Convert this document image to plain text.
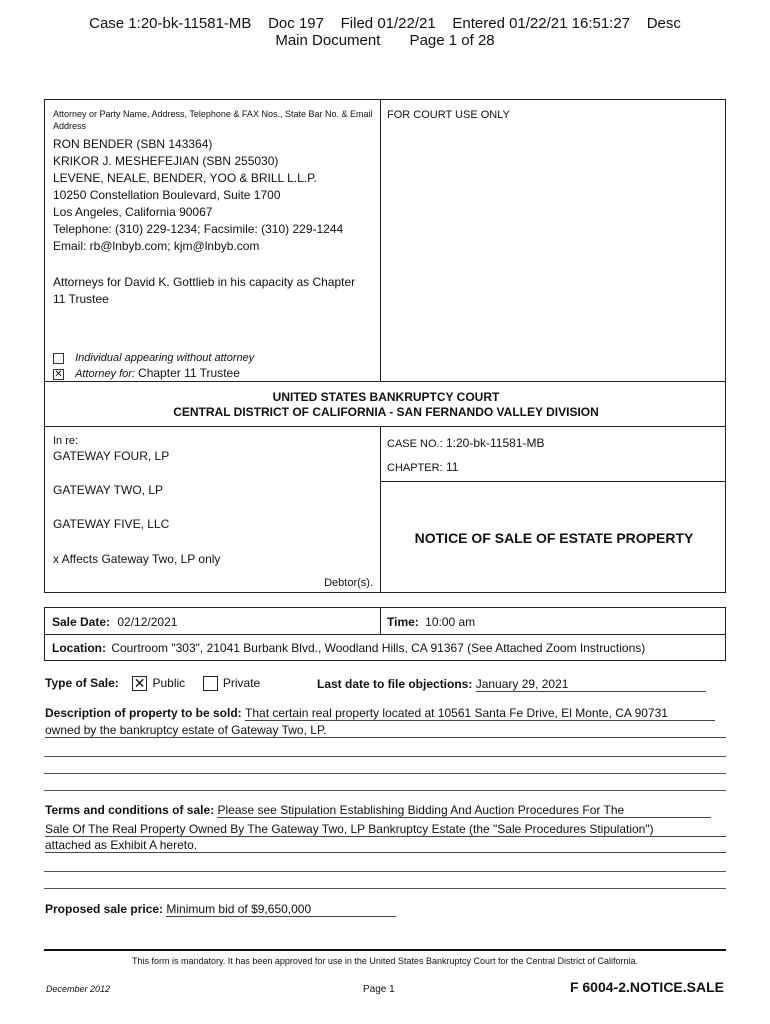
Case 1:20-bk-11581-MB    Doc 197    Filed 01/22/21    Entered 01/22/21 16:51:27    Desc
Main Document       Page 1 of 28
Attorney or Party Name, Address, Telephone & FAX Nos., State Bar No. & Email Address
RON BENDER (SBN 143364)
KRIKOR J. MESHEFEJIAN (SBN 255030)
LEVENE, NEALE, BENDER, YOO & BRILL L.L.P.
10250 Constellation Boulevard, Suite 1700
Los Angeles, California 90067
Telephone: (310) 229-1234; Facsimile: (310) 229-1244
Email: rb@lnbyb.com; kjm@lnbyb.com
Attorneys for David K. Gottlieb in his capacity as Chapter
11 Trustee
Individual appearing without attorney
✕ Attorney for: Chapter 11 Trustee
FOR COURT USE ONLY
UNITED STATES BANKRUPTCY COURT
CENTRAL DISTRICT OF CALIFORNIA - SAN FERNANDO VALLEY DIVISION
In re:
GATEWAY FOUR, LP
GATEWAY TWO, LP
GATEWAY FIVE, LLC
x Affects Gateway Two, LP only
Debtor(s).
CASE NO.: 1:20-bk-11581-MB
CHAPTER: 11
NOTICE OF SALE OF ESTATE PROPERTY
Sale Date: 02/12/2021	Time: 10:00 am
Location: Courtroom "303", 21041 Burbank Blvd., Woodland Hills, CA 91367 (See Attached Zoom Instructions)
Type of Sale: ✕ Public	Private	Last date to file objections: January 29, 2021
Description of property to be sold: That certain real property located at 10561 Santa Fe Drive, El Monte, CA 90731
owned by the bankruptcy estate of Gateway Two, LP.
Terms and conditions of sale: Please see Stipulation Establishing Bidding And Auction Procedures For The
Sale Of The Real Property Owned By The Gateway Two, LP Bankruptcy Estate (the "Sale Procedures Stipulation")
attached as Exhibit A hereto.
Proposed sale price: Minimum bid of $9,650,000
This form is mandatory. It has been approved for use in the United States Bankruptcy Court for the Central District of California.
December 2012	Page 1	F 6004-2.NOTICE.SALE
